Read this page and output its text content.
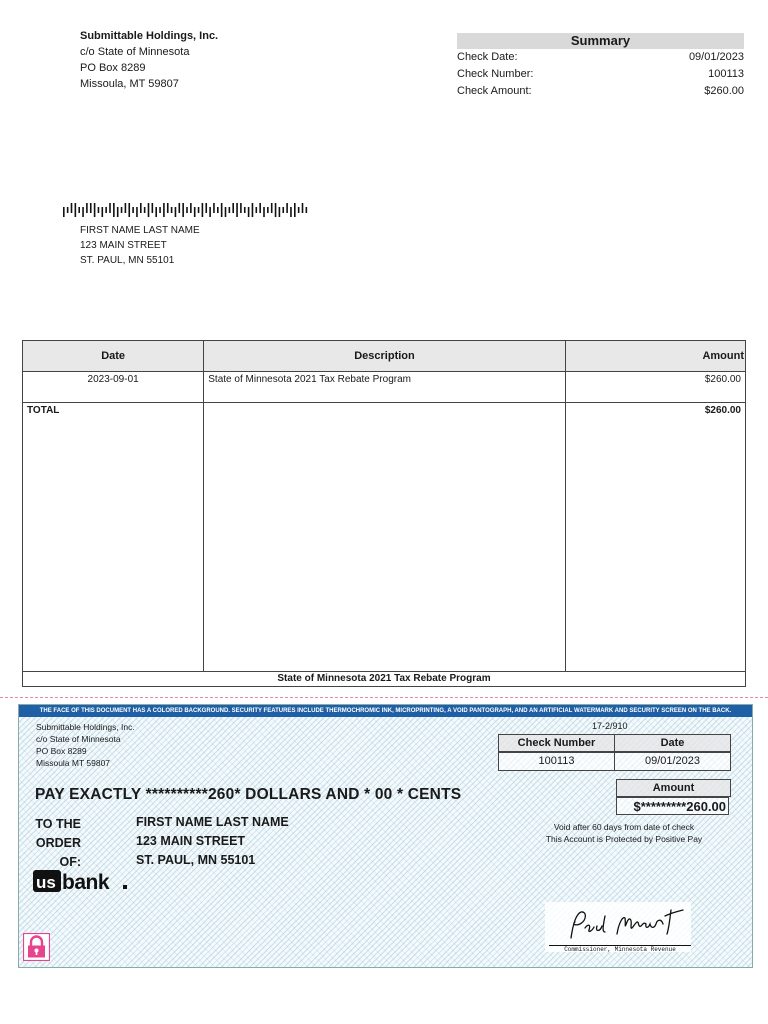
Submittable Holdings, Inc.
c/o State of Minnesota
PO Box 8289
Missoula, MT 59807
Summary
Check Date:	09/01/2023
Check Number:	100113
Check Amount:	$260.00
FIRST NAME LAST NAME
123 MAIN STREET
ST. PAUL, MN 55101
Date	Description	Amount
2023-09-01	State of Minnesota 2021 Tax Rebate Program	$260.00
TOTAL		$260.00
State of Minnesota 2021 Tax Rebate Program		
THE FACE OF THIS DOCUMENT HAS A COLORED BACKGROUND. SECURITY FEATURES INCLUDE THERMOCHROMIC INK, MICROPRINTING, A VOID PANTOGRAPH, AND AN ARTIFICIAL WATERMARK AND SECURITY SCREEN ON THE BACK.
Submittable Holdings, Inc.
c/o State of Minnesota
PO Box 8289
Missoula MT 59807
17-2/910
Check Number	Date
100113	09/01/2023
Amount
$*********260.00
PAY EXACTLY **********260* DOLLARS AND * 00 * CENTS
TO THE
ORDER
OF:
FIRST NAME LAST NAME
123 MAIN STREET
ST. PAUL, MN 55101
Void after 60 days from date of check
This Account is Protected by Positive Pay
us bank
Commissioner, Minnesota Revenue
